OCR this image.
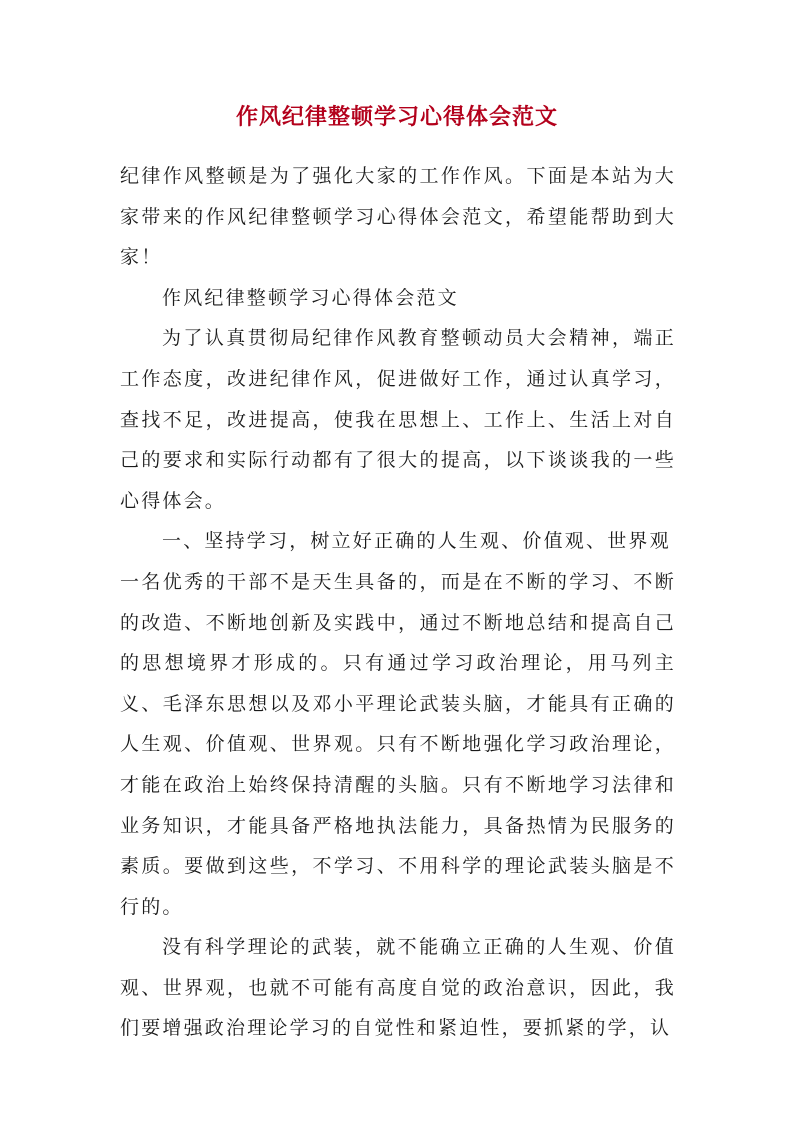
作风纪律整顿学习心得体会范文

纪律作风整顿是为了强化大家的工作作风。下面是本站为大家带来的作风纪律整顿学习心得体会范文，希望能帮助到大家！

作风纪律整顿学习心得体会范文

为了认真贯彻局纪律作风教育整顿动员大会精神，端正工作态度，改进纪律作风，促进做好工作，通过认真学习，查找不足，改进提高，使我在思想上、工作上、生活上对自己的要求和实际行动都有了很大的提高，以下谈谈我的一些心得体会。

一、坚持学习，树立好正确的人生观、价值观、世界观

一名优秀的干部不是天生具备的，而是在不断的学习、不断的改造、不断地创新及实践中，通过不断地总结和提高自己的思想境界才形成的。只有通过学习政治理论，用马列主义、毛泽东思想以及邓小平理论武装头脑，才能具有正确的人生观、价值观、世界观。只有不断地强化学习政治理论，才能在政治上始终保持清醒的头脑。只有不断地学习法律和业务知识，才能具备严格地执法能力，具备热情为民服务的素质。要做到这些，不学习、不用科学的理论武装头脑是不行的。

没有科学理论的武装，就不能确立正确的人生观、价值观、世界观，也就不可能有高度自觉的政治意识，因此，我们要增强政治理论学习的自觉性和紧迫性，要抓紧的学，认
